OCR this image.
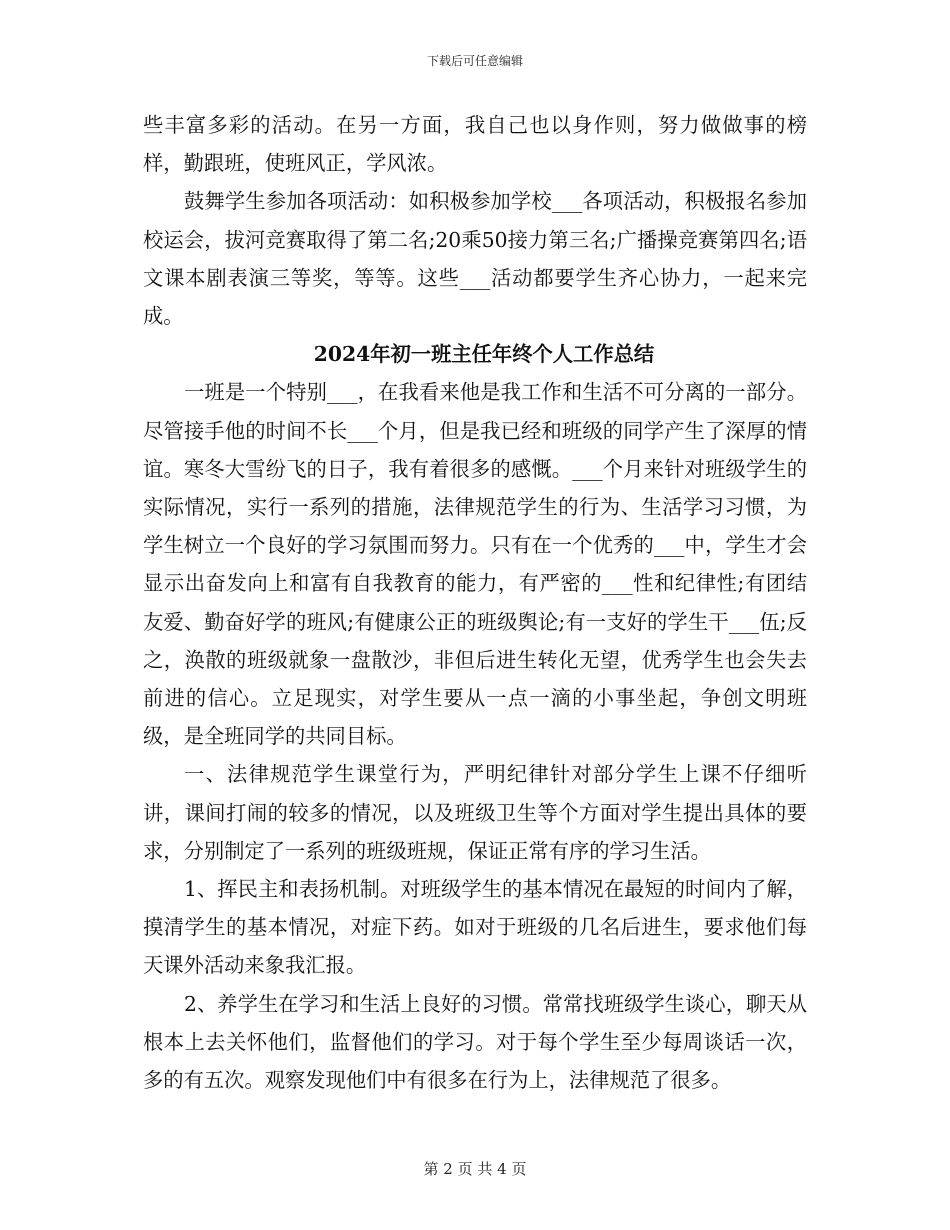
下载后可任意编辑

些丰富多彩的活动。在另一方面，我自己也以身作则，努力做做事的榜样，勤跟班，使班风正，学风浓。

鼓舞学生参加各项活动：如积极参加学校___各项活动，积极报名参加校运会，拔河竞赛取得了第二名;20乘50接力第三名;广播操竞赛第四名;语文课本剧表演三等奖，等等。这些___活动都要学生齐心协力，一起来完成。

2024年初一班主任年终个人工作总结

一班是一个特别___，在我看来他是我工作和生活不可分离的一部分。尽管接手他的时间不长___个月，但是我已经和班级的同学产生了深厚的情谊。寒冬大雪纷飞的日子，我有着很多的感慨。___个月来针对班级学生的实际情况，实行一系列的措施，法律规范学生的行为、生活学习习惯，为学生树立一个良好的学习氛围而努力。只有在一个优秀的___中，学生才会显示出奋发向上和富有自我教育的能力，有严密的___性和纪律性;有团结友爱、勤奋好学的班风;有健康公正的班级舆论;有一支好的学生干___伍;反之，涣散的班级就象一盘散沙，非但后进生转化无望，优秀学生也会失去前进的信心。立足现实，对学生要从一点一滴的小事坐起，争创文明班级，是全班同学的共同目标。

一、法律规范学生课堂行为，严明纪律针对部分学生上课不仔细听讲，课间打闹的较多的情况，以及班级卫生等个方面对学生提出具体的要求，分别制定了一系列的班级班规，保证正常有序的学习生活。

1、挥民主和表扬机制。对班级学生的基本情况在最短的时间内了解，摸清学生的基本情况，对症下药。如对于班级的几名后进生，要求他们每天课外活动来象我汇报。

2、养学生在学习和生活上良好的习惯。常常找班级学生谈心，聊天从根本上去关怀他们，监督他们的学习。对于每个学生至少每周谈话一次，多的有五次。观察发现他们中有很多在行为上，法律规范了很多。

第 2 页 共 4 页
